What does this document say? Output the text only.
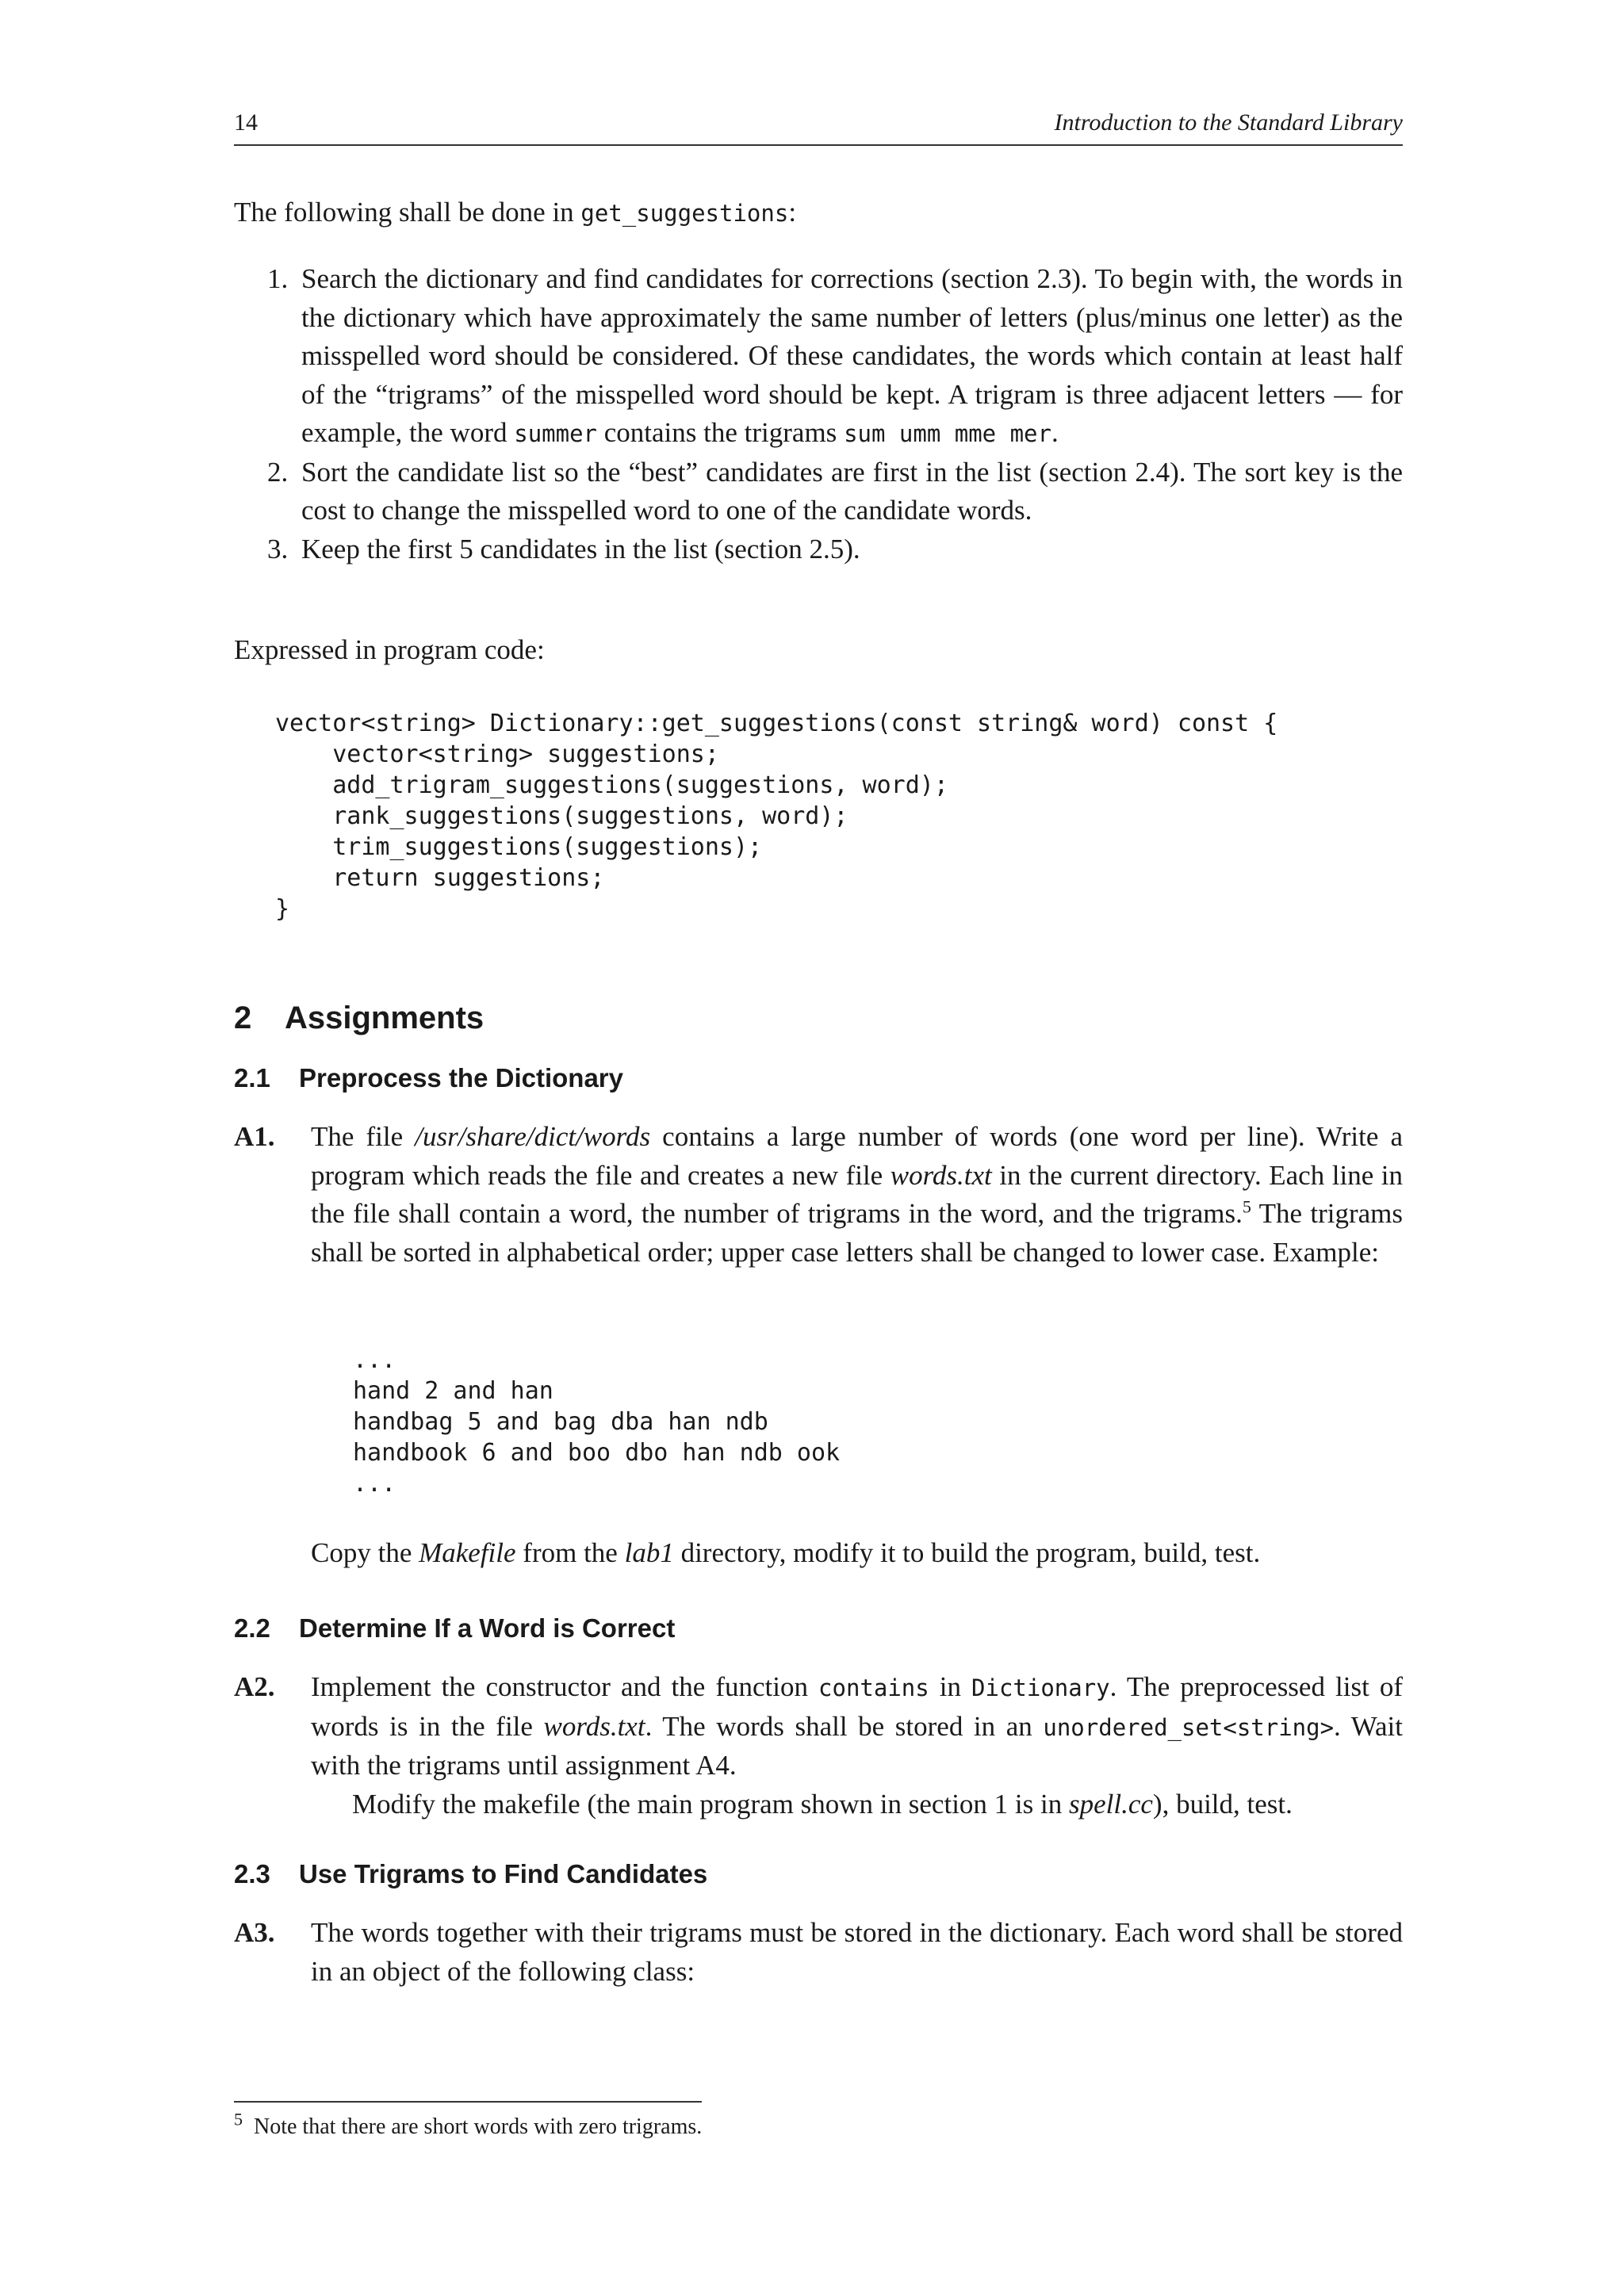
14	Introduction to the Standard Library

The following shall be done in get_suggestions:

1. Search the dictionary and find candidates for corrections (section 2.3). To begin with, the words in the dictionary which have approximately the same number of letters (plus/minus one letter) as the misspelled word should be considered. Of these candidates, the words which contain at least half of the “trigrams” of the misspelled word should be kept. A trigram is three adjacent letters — for example, the word summer contains the trigrams sum umm mme mer.
2. Sort the candidate list so the “best” candidates are first in the list (section 2.4). The sort key is the cost to change the misspelled word to one of the candidate words.
3. Keep the first 5 candidates in the list (section 2.5).

Expressed in program code:

vector<string> Dictionary::get_suggestions(const string& word) const {
vector<string> suggestions;
add_trigram_suggestions(suggestions, word);
rank_suggestions(suggestions, word);
trim_suggestions(suggestions);
return suggestions;
}
2 Assignments
2.1 Preprocess the Dictionary
A1. The file /usr/share/dict/words contains a large number of words (one word per line). Write a program which reads the file and creates a new file words.txt in the current directory. Each line in the file shall contain a word, the number of trigrams in the word, and the trigrams.$^5$ The trigrams shall be sorted in alphabetical order; upper case letters shall be changed to lower case. Example:
...
hand 2 and han
handbag 5 and bag dba han ndb
handbook 6 and boo dbo han ndb ook
...

Copy the Makefile from the lab1 directory, modify it to build the program, build, test.

2.2 Determine If a Word is Correct
A2. Implement the constructor and the function contains in Dictionary. The preprocessed list of words is in the file words.txt. The words shall be stored in an unordered_set<string>. Wait with the trigrams until assignment A4.
Modify the makefile (the main program shown in section 1 is in spell.cc), build, test.
2.3 Use Trigrams to Find Candidates
A3. The words together with their trigrams must be stored in the dictionary. Each word shall be stored in an object of the following class:
$^5$ Note that there are short words with zero trigrams.
